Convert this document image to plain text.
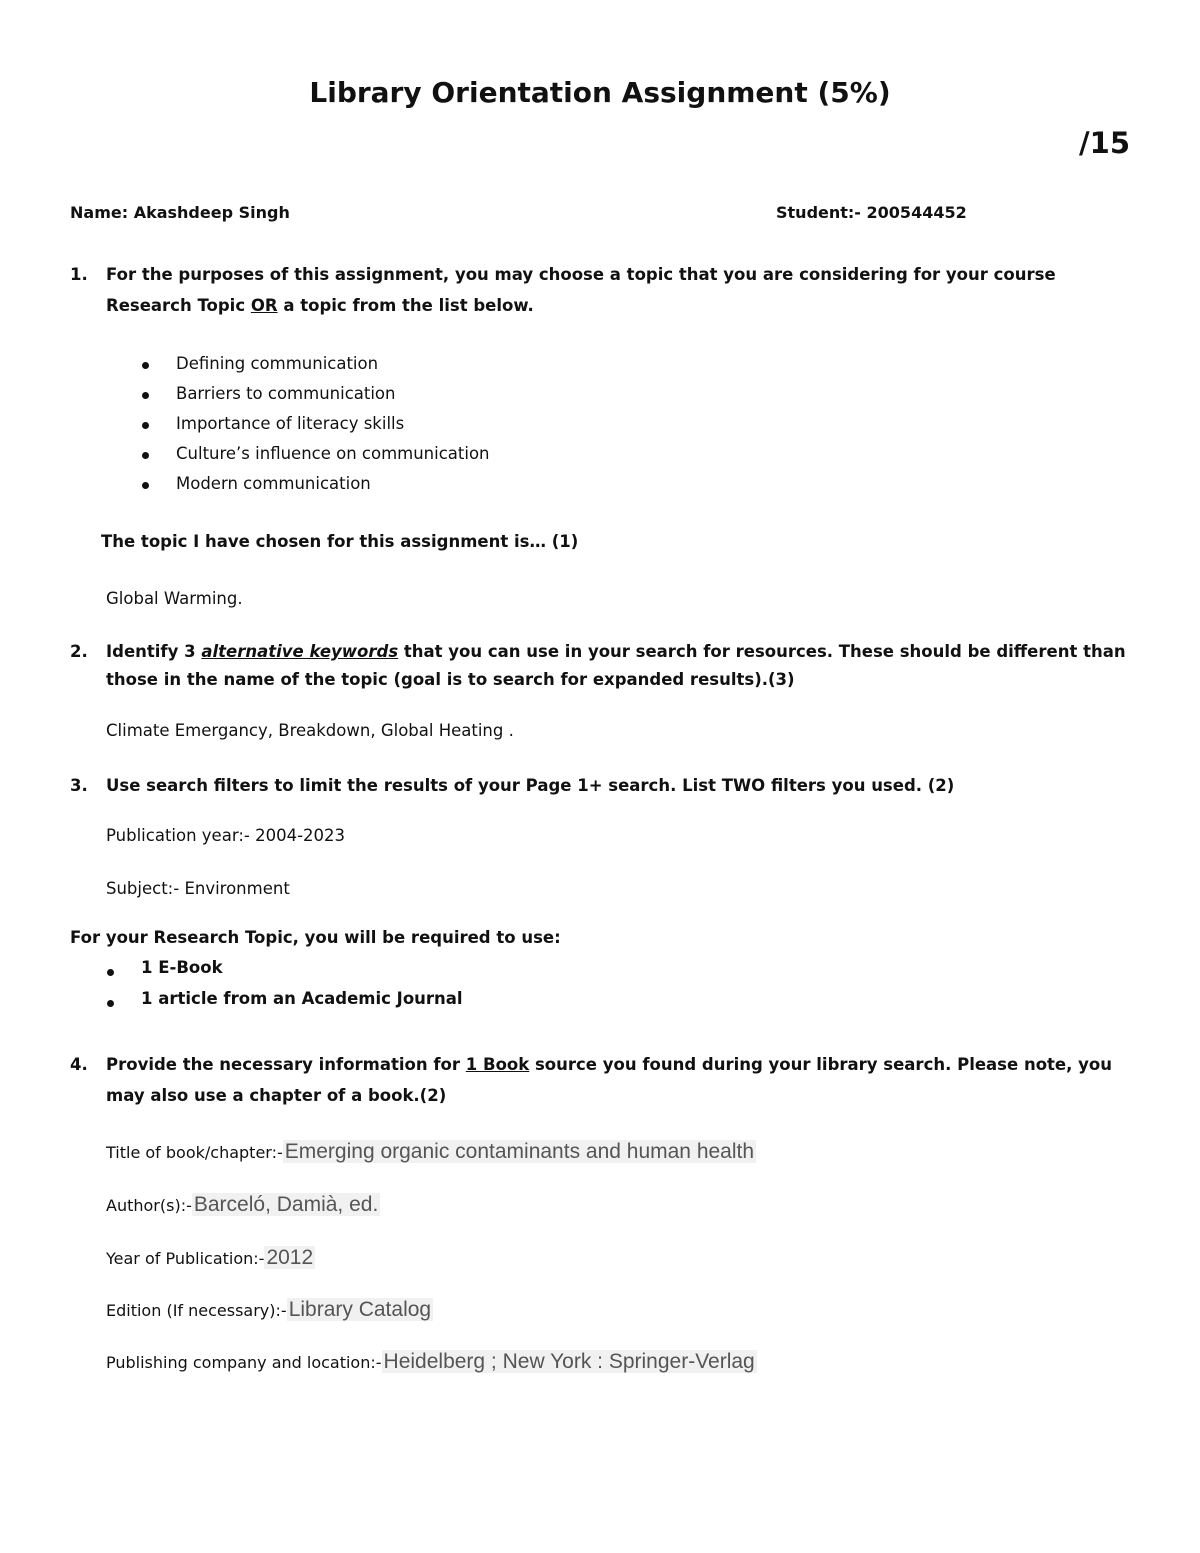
Library Orientation Assignment (5%)
/15
Name: Akashdeep Singh	Student:- 200544452
1. For the purposes of this assignment, you may choose a topic that you are considering for your course Research Topic OR a topic from the list below.
Defining communication
Barriers to communication
Importance of literacy skills
Culture’s influence on communication
Modern communication
The topic I have chosen for this assignment is… (1)
Global Warming.
2. Identify 3 alternative keywords that you can use in your search for resources. These should be different than those in the name of the topic (goal is to search for expanded results).(3)
Climate Emergancy, Breakdown, Global Heating .
3. Use search filters to limit the results of your Page 1+ search. List TWO filters you used. (2)
Publication year:- 2004-2023
Subject:- Environment
For your Research Topic, you will be required to use:
1 E-Book
1 article from an Academic Journal
4. Provide the necessary information for 1 Book source you found during your library search. Please note, you may also use a chapter of a book.(2)
Title of book/chapter:-Emerging organic contaminants and human health
Author(s):-Barceló, Damià, ed.
Year of Publication:-2012
Edition (If necessary):-Library Catalog
Publishing company and location:-Heidelberg ; New York : Springer-Verlag
